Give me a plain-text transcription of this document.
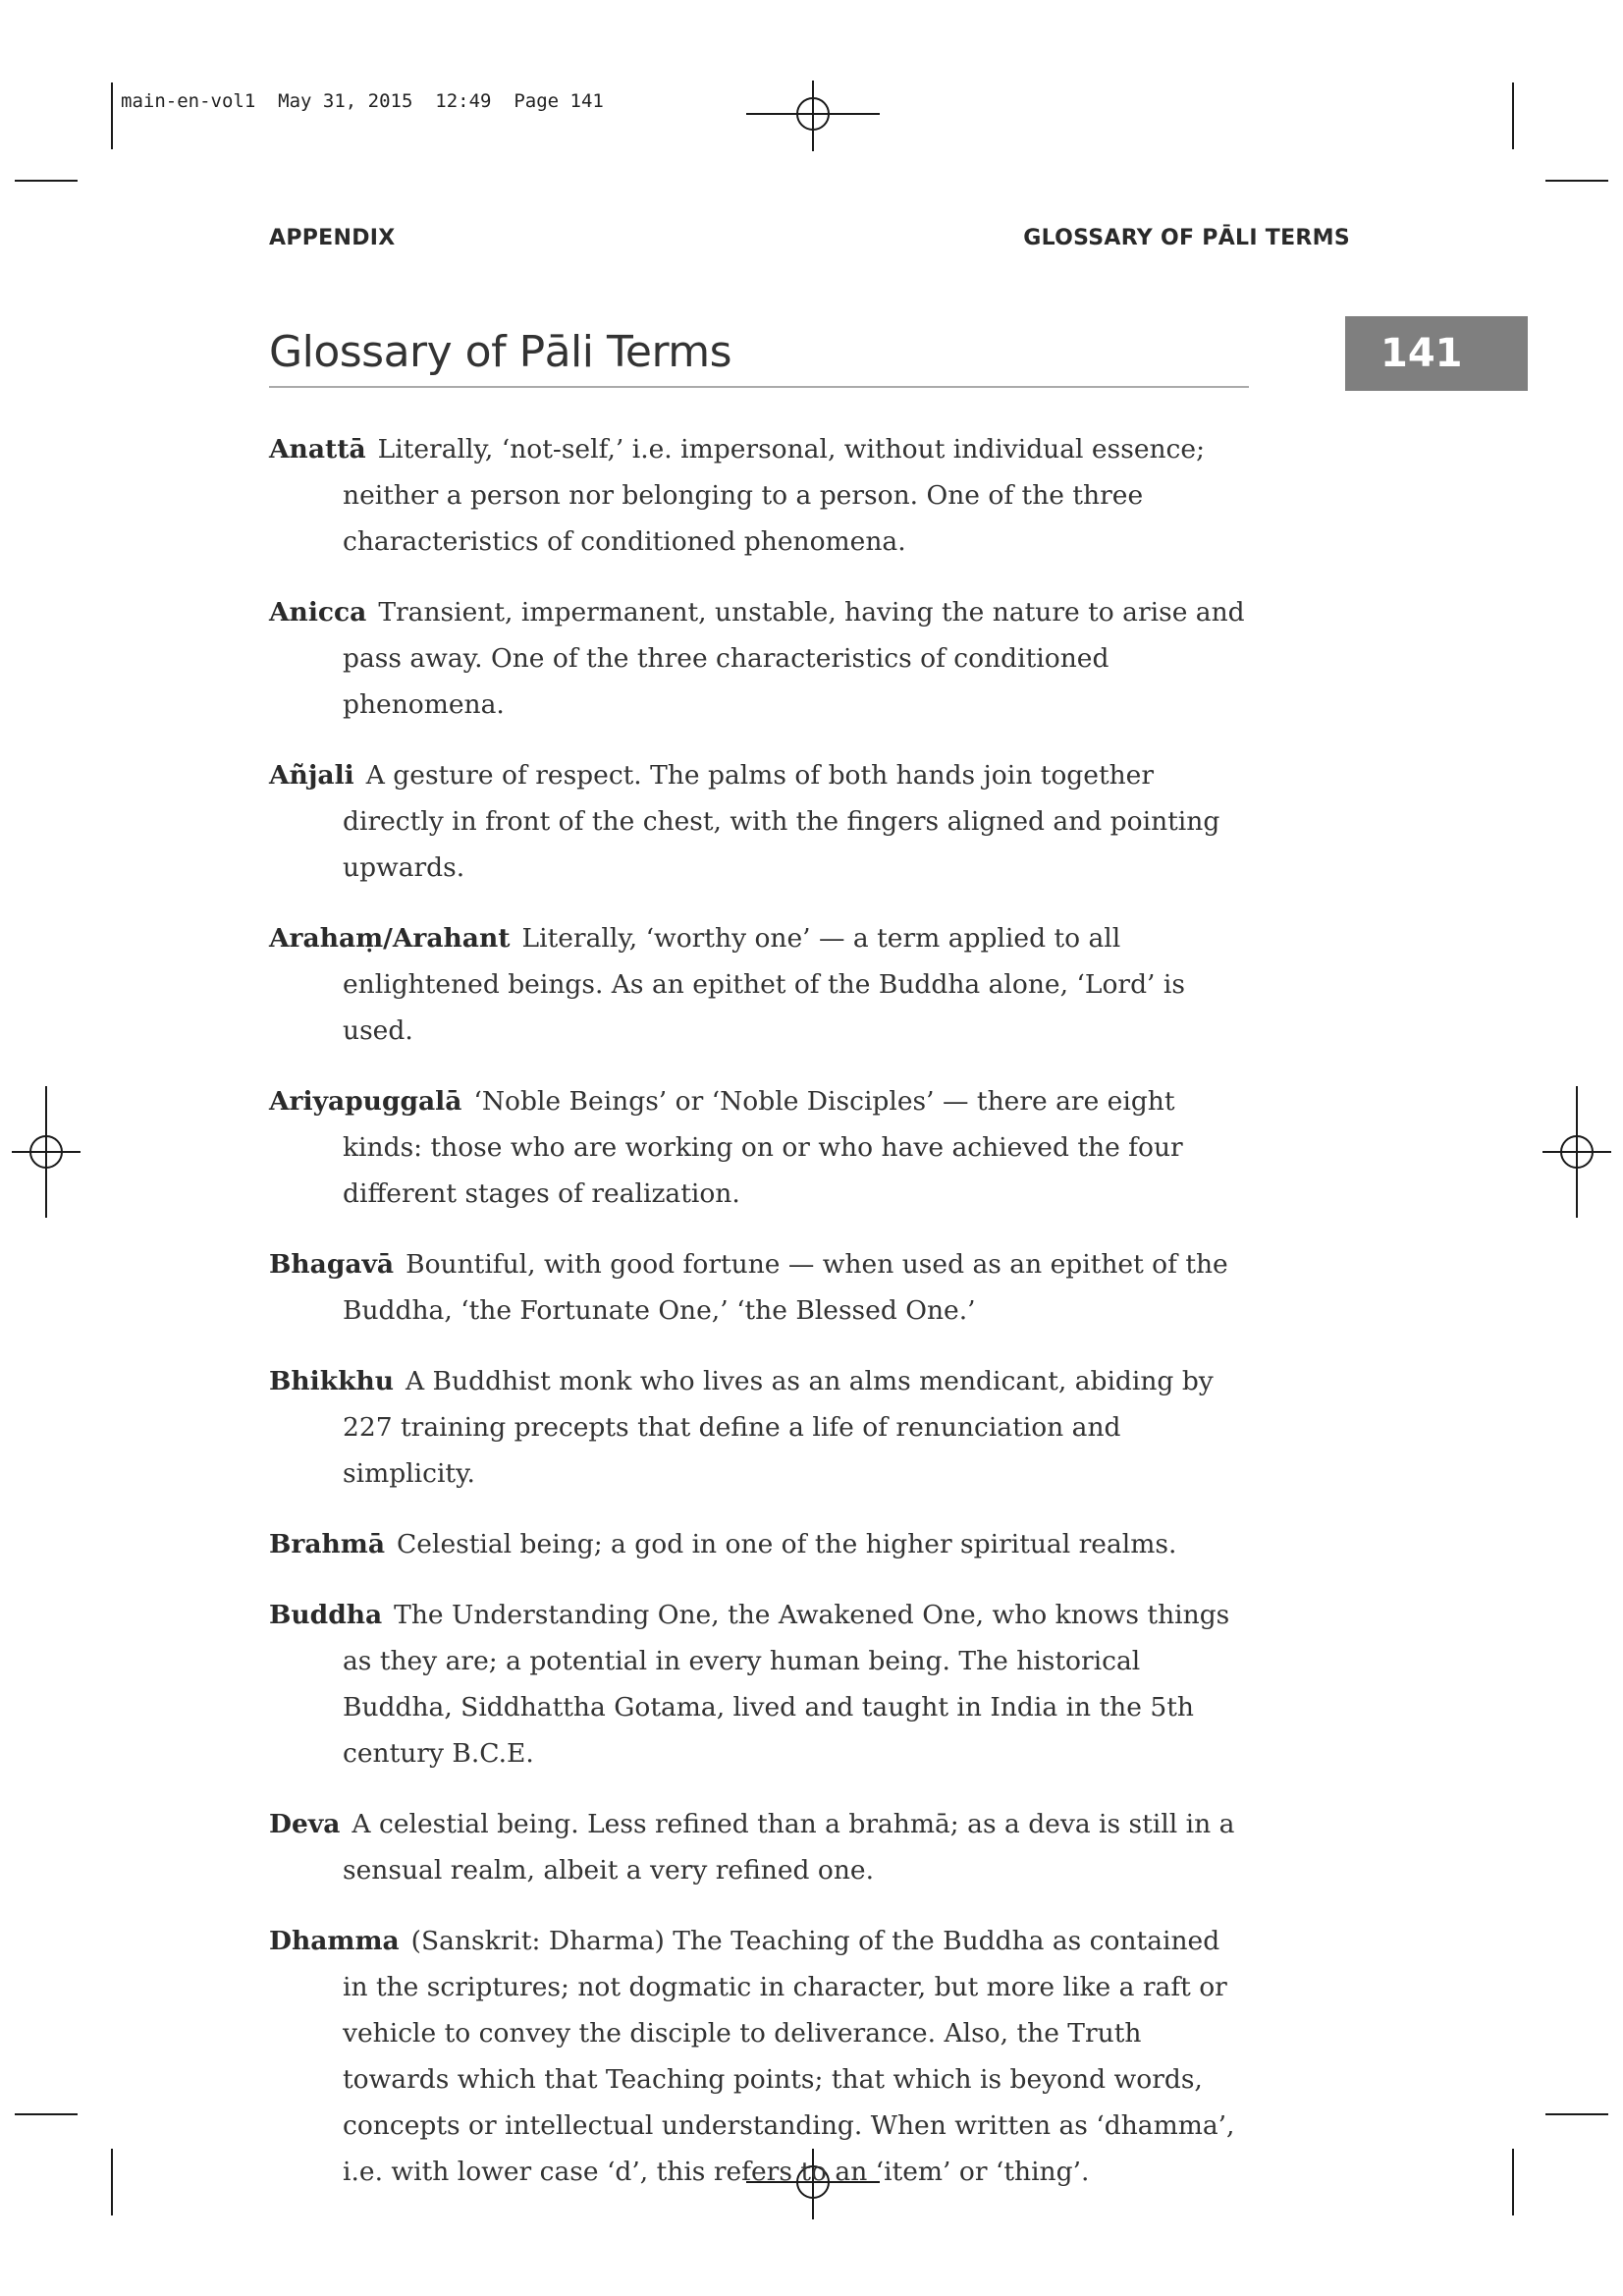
main-en-vol1  May 31, 2015  12:49  Page 141
APPENDIX	GLOSSARY OF PĀLI TERMS
Glossary of Pāli Terms	141

Anattā Literally, ‘not-self,’ i.e. impersonal, without individual essence; neither a person nor belonging to a person. One of the three characteristics of conditioned phenomena.

Anicca Transient, impermanent, unstable, having the nature to arise and pass away. One of the three characteristics of conditioned phenomena.

Añjali A gesture of respect. The palms of both hands join together directly in front of the chest, with the fingers aligned and pointing upwards.

Arahaṃ/Arahant Literally, ‘worthy one’ — a term applied to all enlightened beings. As an epithet of the Buddha alone, ‘Lord’ is used.

Ariyapuggalā ‘Noble Beings’ or ‘Noble Disciples’ — there are eight kinds: those who are working on or who have achieved the four different stages of realization.

Bhagavā Bountiful, with good fortune — when used as an epithet of the Buddha, ‘the Fortunate One,’ ‘the Blessed One.’

Bhikkhu A Buddhist monk who lives as an alms mendicant, abiding by 227 training precepts that define a life of renunciation and simplicity.

Brahmā Celestial being; a god in one of the higher spiritual realms.

Buddha The Understanding One, the Awakened One, who knows things as they are; a potential in every human being. The historical Buddha, Siddhattha Gotama, lived and taught in India in the 5th century B.C.E.

Deva A celestial being. Less refined than a brahmā; as a deva is still in a sensual realm, albeit a very refined one.

Dhamma (Sanskrit: Dharma) The Teaching of the Buddha as contained in the scriptures; not dogmatic in character, but more like a raft or vehicle to convey the disciple to deliverance. Also, the Truth towards which that Teaching points; that which is beyond words, concepts or intellectual understanding. When written as ‘dhamma’, i.e. with lower case ‘d’, this refers to an ‘item’ or ‘thing’.
